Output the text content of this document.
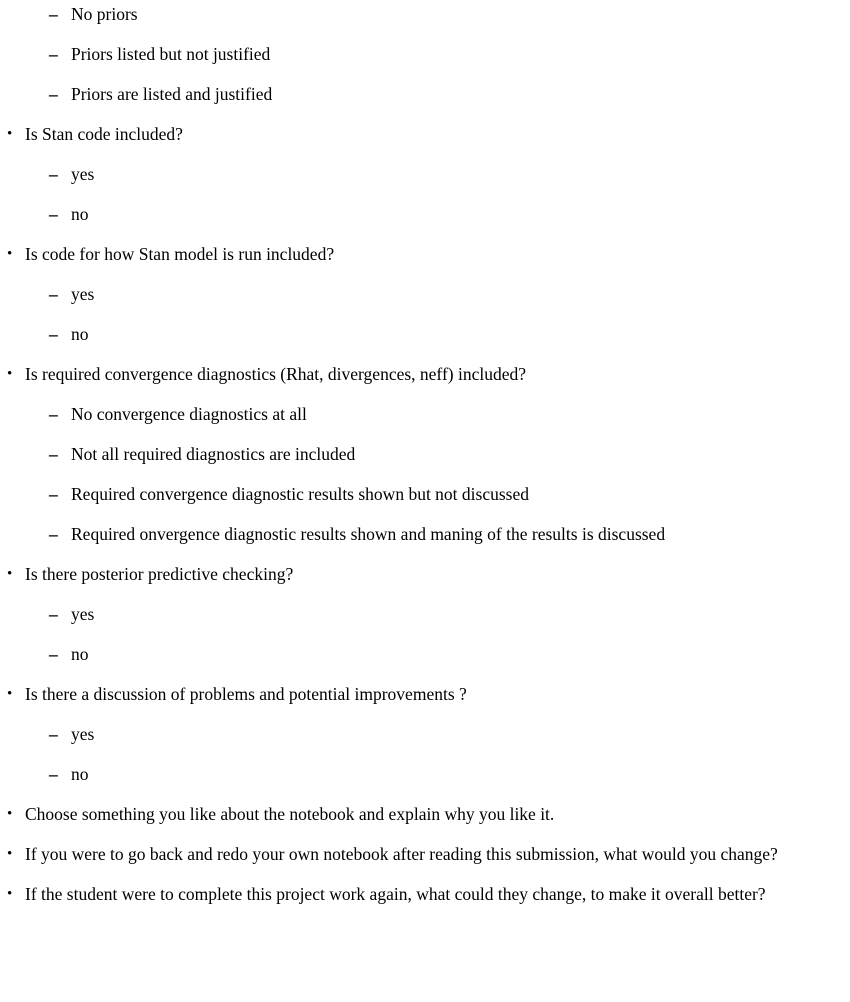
– No priors
– Priors listed but not justified
– Priors are listed and justified
• Is Stan code included?
– yes
– no
• Is code for how Stan model is run included?
– yes
– no
• Is required convergence diagnostics (Rhat, divergences, neff) included?
– No convergence diagnostics at all
– Not all required diagnostics are included
– Required convergence diagnostic results shown but not discussed
– Required onvergence diagnostic results shown and maning of the results is discussed
• Is there posterior predictive checking?
– yes
– no
• Is there a discussion of problems and potential improvements ?
– yes
– no
• Choose something you like about the notebook and explain why you like it.
• If you were to go back and redo your own notebook after reading this submission, what would you change?
• If the student were to complete this project work again, what could they change, to make it overall better?
